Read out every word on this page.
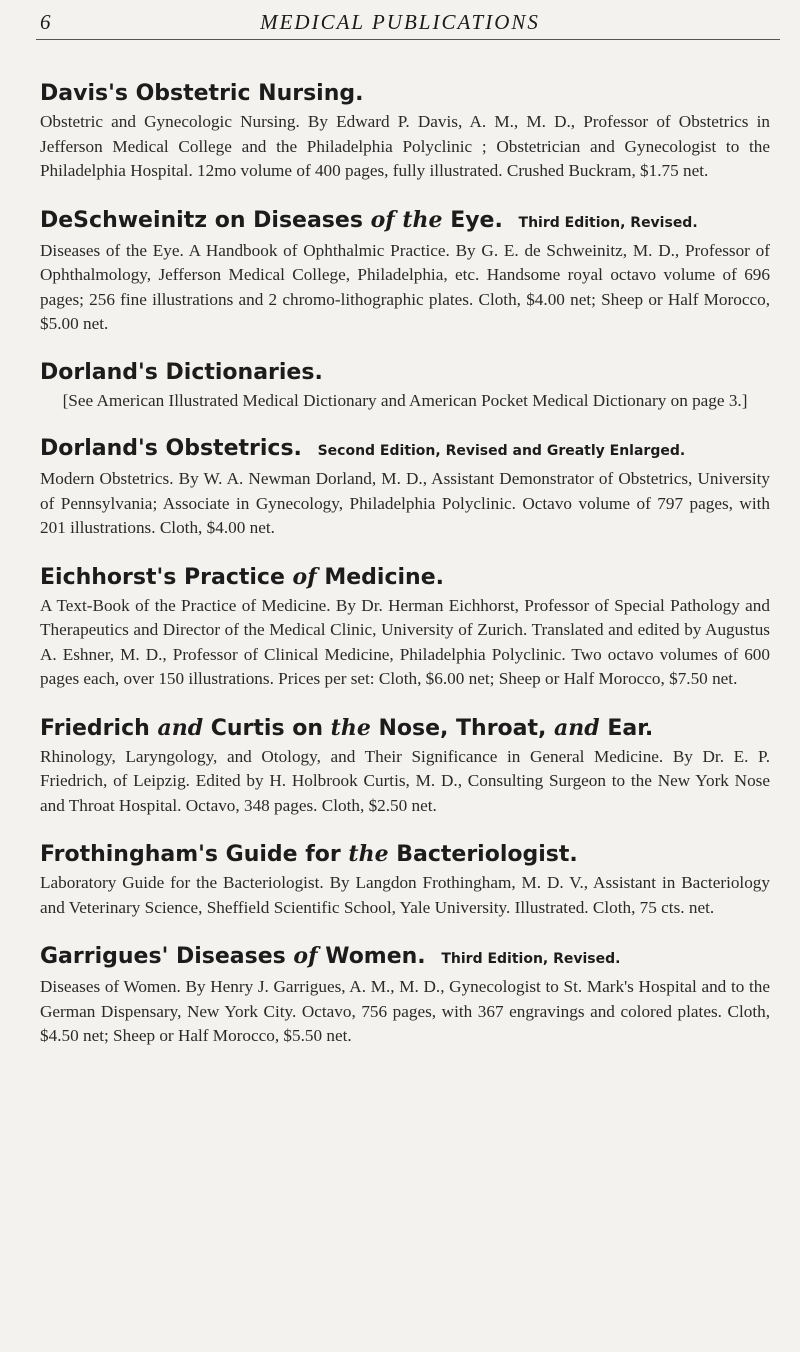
6	MEDICAL PUBLICATIONS
Davis's Obstetric Nursing.

Obstetric and Gynecologic Nursing. By Edward P. Davis, A. M., M. D., Professor of Obstetrics in Jefferson Medical College and the Philadelphia Polyclinic ; Obstetrician and Gynecologist to the Philadelphia Hospital. 12mo volume of 400 pages, fully illustrated. Crushed Buckram, $1.75 net.

DeSchweinitz on Diseases of the Eye. Third Edition, Revised.

Diseases of the Eye. A Handbook of Ophthalmic Practice. By G. E. de Schweinitz, M. D., Professor of Ophthalmology, Jefferson Medical College, Philadelphia, etc. Handsome royal octavo volume of 696 pages; 256 fine illustrations and 2 chromo-lithographic plates. Cloth, $4.00 net; Sheep or Half Morocco, $5.00 net.

Dorland's Dictionaries.

[See American Illustrated Medical Dictionary and American Pocket Medical Dictionary on page 3.]

Dorland's Obstetrics. Second Edition, Revised and Greatly Enlarged.

Modern Obstetrics. By W. A. Newman Dorland, M. D., Assistant Demonstrator of Obstetrics, University of Pennsylvania; Associate in Gynecology, Philadelphia Polyclinic. Octavo volume of 797 pages, with 201 illustrations. Cloth, $4.00 net.

Eichhorst's Practice of Medicine.

A Text-Book of the Practice of Medicine. By Dr. Herman Eichhorst, Professor of Special Pathology and Therapeutics and Director of the Medical Clinic, University of Zurich. Translated and edited by Augustus A. Eshner, M. D., Professor of Clinical Medicine, Philadelphia Polyclinic. Two octavo volumes of 600 pages each, over 150 illustrations. Prices per set: Cloth, $6.00 net; Sheep or Half Morocco, $7.50 net.

Friedrich and Curtis on the Nose, Throat, and Ear.

Rhinology, Laryngology, and Otology, and Their Significance in General Medicine. By Dr. E. P. Friedrich, of Leipzig. Edited by H. Holbrook Curtis, M. D., Consulting Surgeon to the New York Nose and Throat Hospital. Octavo, 348 pages. Cloth, $2.50 net.

Frothingham's Guide for the Bacteriologist.

Laboratory Guide for the Bacteriologist. By Langdon Frothingham, M. D. V., Assistant in Bacteriology and Veterinary Science, Sheffield Scientific School, Yale University. Illustrated. Cloth, 75 cts. net.

Garrigues' Diseases of Women. Third Edition, Revised.

Diseases of Women. By Henry J. Garrigues, A. M., M. D., Gynecologist to St. Mark's Hospital and to the German Dispensary, New York City. Octavo, 756 pages, with 367 engravings and colored plates. Cloth, $4.50 net; Sheep or Half Morocco, $5.50 net.
